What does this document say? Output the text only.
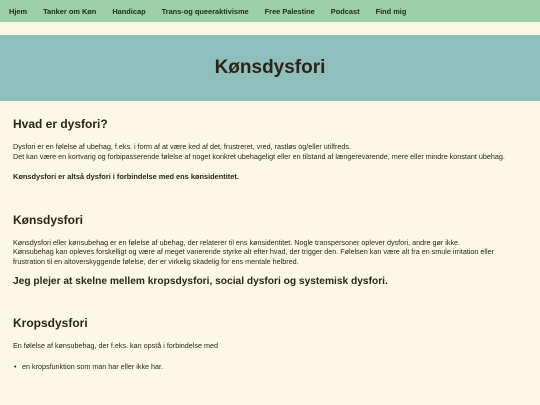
Hjem Tanker om Køn Handicap Trans-og queeraktivisme Free Palestine Podcast Find mig
Kønsdysfori
Hvad er dysfori?

Dysfori er en følelse af ubehag, f.eks. i form af at være ked af det, frustreret, vred, rastløs og/eller utilfreds.

Det kan være en kortvarig og forbipasserende følelse af noget konkret ubehageligt eller en tilstand af længerevarende, mere eller mindre konstant ubehag.

Kønsdysfori er altså dysfori i forbindelse med ens kønsidentitet.

Kønsdysfori

Kønsdysfori eller kønsubehag er en følelse af ubehag, der relaterer til ens kønsidentitet. Nogle transpersoner oplever dysfori, andre gør ikke.

Kønsubehag kan opleves forskelligt og være af meget varierende styrke alt efter hvad, der trigger den. Følelsen kan være alt fra en smule irritation eller frustration til en altoverskyggende følelse, der er virkelig skadelig for ens mentale helbred.

Jeg plejer at skelne mellem kropsdysfori, social dysfori og systemisk dysfori.

Kropsdysfori

En følelse af kønsubehag, der f.eks. kan opstå i forbindelse med

• en kropsfunktion som man har eller ikke har.
